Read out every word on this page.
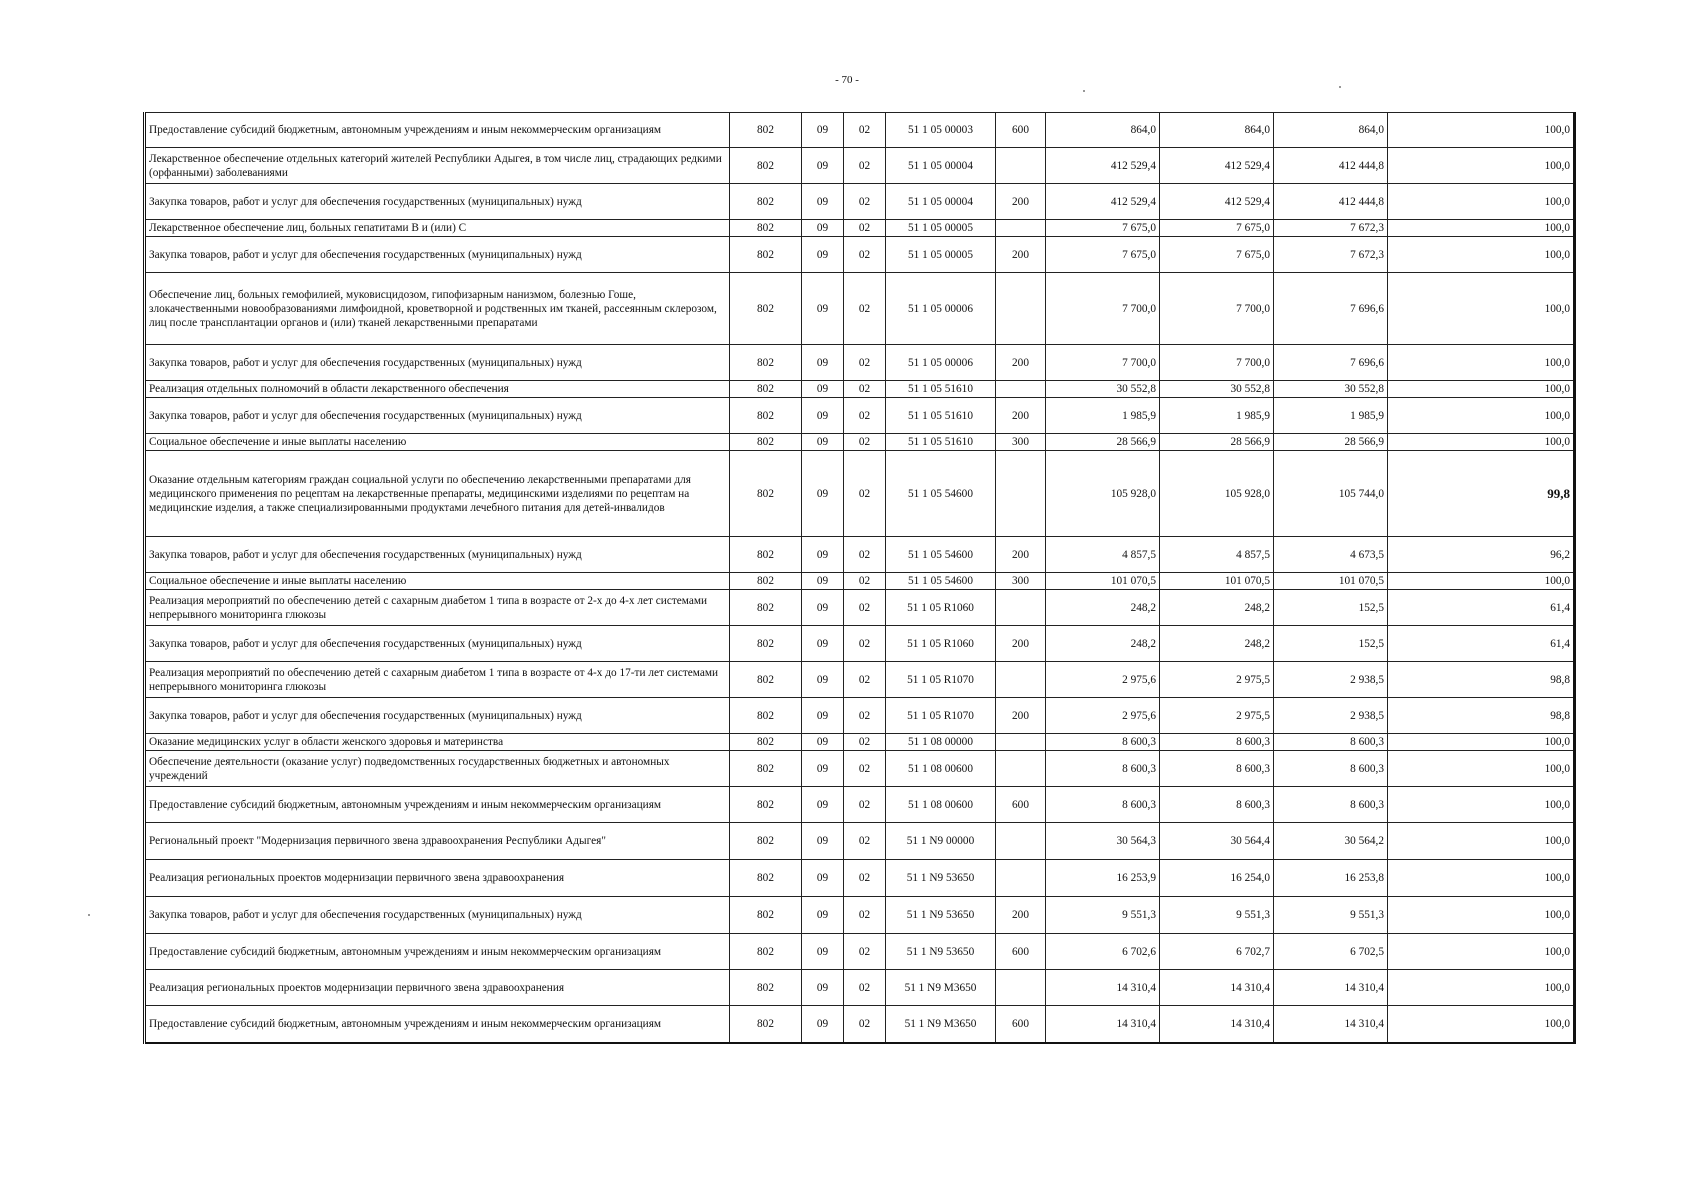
- 70 -
Предоставление субсидий бюджетным, автономным учреждениям и иным некоммерческим организациям	802	09	02	51 1 05 00003	600	864,0	864,0	864,0	100,0
Лекарственное обеспечение отдельных категорий жителей Республики Адыгея, в том числе лиц, страдающих редкими (орфанными) заболеваниями	802	09	02	51 1 05 00004		412 529,4	412 529,4	412 444,8	100,0
Закупка товаров, работ и услуг для обеспечения государственных (муниципальных) нужд	802	09	02	51 1 05 00004	200	412 529,4	412 529,4	412 444,8	100,0
Лекарственное обеспечение лиц, больных гепатитами В и (или) С	802	09	02	51 1 05 00005		7 675,0	7 675,0	7 672,3	100,0
Закупка товаров, работ и услуг для обеспечения государственных (муниципальных) нужд	802	09	02	51 1 05 00005	200	7 675,0	7 675,0	7 672,3	100,0
Обеспечение лиц, больных гемофилией, муковисцидозом, гипофизарным нанизмом, болезнью Гоше, злокачественными новообразованиями лимфоидной, кроветворной и родственных им тканей, рассеянным склерозом, лиц после трансплантации органов и (или) тканей лекарственными препаратами	802	09	02	51 1 05 00006		7 700,0	7 700,0	7 696,6	100,0
Закупка товаров, работ и услуг для обеспечения государственных (муниципальных) нужд	802	09	02	51 1 05 00006	200	7 700,0	7 700,0	7 696,6	100,0
Реализация отдельных полномочий в области лекарственного обеспечения	802	09	02	51 1 05 51610		30 552,8	30 552,8	30 552,8	100,0
Закупка товаров, работ и услуг для обеспечения государственных (муниципальных) нужд	802	09	02	51 1 05 51610	200	1 985,9	1 985,9	1 985,9	100,0
Социальное обеспечение и иные выплаты населению	802	09	02	51 1 05 51610	300	28 566,9	28 566,9	28 566,9	100,0
Оказание отдельным категориям граждан социальной услуги по обеспечению лекарственными препаратами для медицинского применения по рецептам на лекарственные препараты, медицинскими изделиями по рецептам на медицинские изделия, а также специализированными продуктами лечебного питания для детей-инвалидов	802	09	02	51 1 05 54600		105 928,0	105 928,0	105 744,0	99,8
Закупка товаров, работ и услуг для обеспечения государственных (муниципальных) нужд	802	09	02	51 1 05 54600	200	4 857,5	4 857,5	4 673,5	96,2
Социальное обеспечение и иные выплаты населению	802	09	02	51 1 05 54600	300	101 070,5	101 070,5	101 070,5	100,0
Реализация мероприятий по обеспечению детей с сахарным диабетом 1 типа в возрасте от 2-х до 4-х лет системами непрерывного мониторинга глюкозы	802	09	02	51 1 05 R1060		248,2	248,2	152,5	61,4
Закупка товаров, работ и услуг для обеспечения государственных (муниципальных) нужд	802	09	02	51 1 05 R1060	200	248,2	248,2	152,5	61,4
Реализация мероприятий по обеспечению детей с сахарным диабетом 1 типа в возрасте от 4-х до 17-ти лет системами непрерывного мониторинга глюкозы	802	09	02	51 1 05 R1070		2 975,6	2 975,5	2 938,5	98,8
Закупка товаров, работ и услуг для обеспечения государственных (муниципальных) нужд	802	09	02	51 1 05 R1070	200	2 975,6	2 975,5	2 938,5	98,8
Оказание медицинских услуг в области женского здоровья и материнства	802	09	02	51 1 08 00000		8 600,3	8 600,3	8 600,3	100,0
Обеспечение деятельности (оказание услуг) подведомственных государственных бюджетных и автономных учреждений	802	09	02	51 1 08 00600		8 600,3	8 600,3	8 600,3	100,0
Предоставление субсидий бюджетным, автономным учреждениям и иным некоммерческим организациям	802	09	02	51 1 08 00600	600	8 600,3	8 600,3	8 600,3	100,0
Региональный проект "Модернизация первичного звена здравоохранения Республики Адыгея"	802	09	02	51 1 N9 00000		30 564,3	30 564,4	30 564,2	100,0
Реализация региональных проектов модернизации первичного звена здравоохранения	802	09	02	51 1 N9 53650		16 253,9	16 254,0	16 253,8	100,0
Закупка товаров, работ и услуг для обеспечения государственных (муниципальных) нужд	802	09	02	51 1 N9 53650	200	9 551,3	9 551,3	9 551,3	100,0
Предоставление субсидий бюджетным, автономным учреждениям и иным некоммерческим организациям	802	09	02	51 1 N9 53650	600	6 702,6	6 702,7	6 702,5	100,0
Реализация региональных проектов модернизации первичного звена здравоохранения	802	09	02	51 1 N9 M3650		14 310,4	14 310,4	14 310,4	100,0
Предоставление субсидий бюджетным, автономным учреждениям и иным некоммерческим организациям	802	09	02	51 1 N9 M3650	600	14 310,4	14 310,4	14 310,4	100,0
